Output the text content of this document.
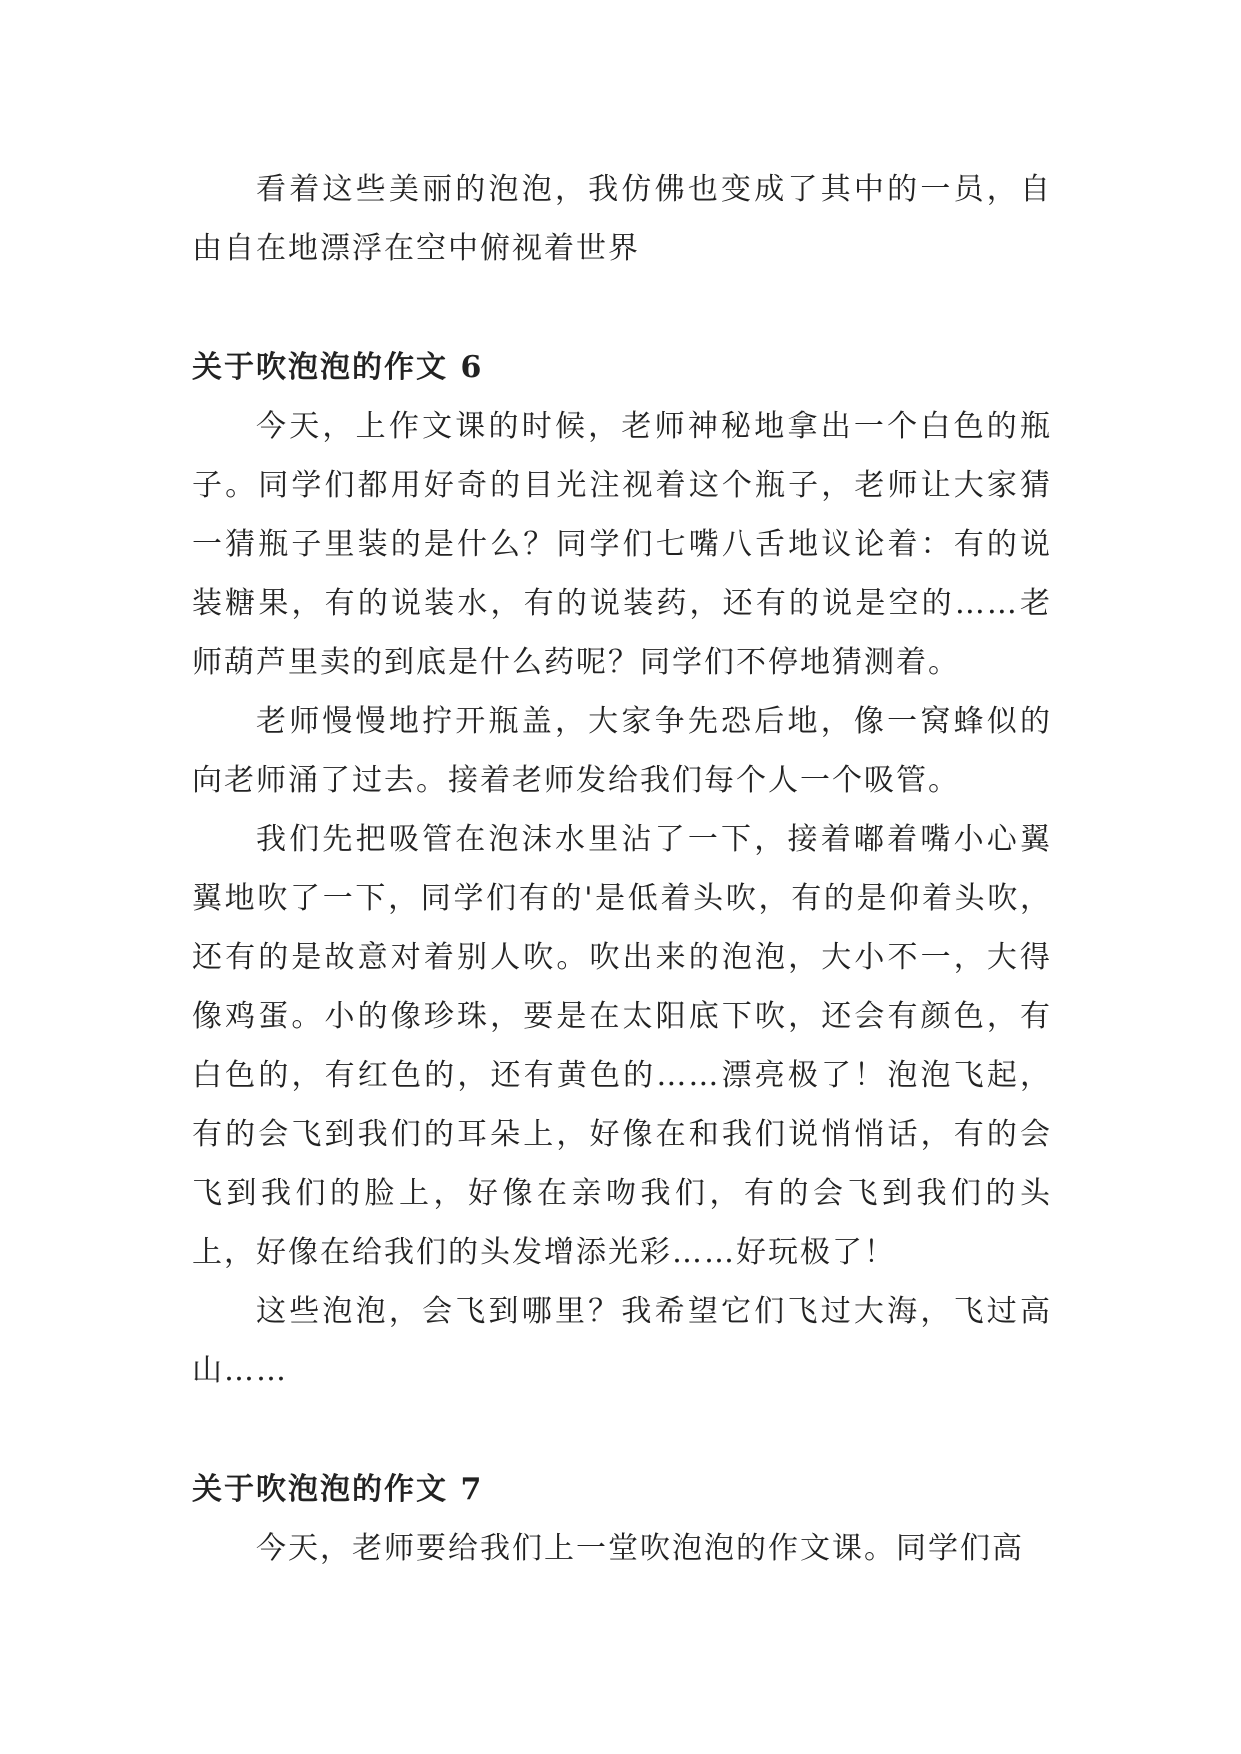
看着这些美丽的泡泡，我仿佛也变成了其中的一员，自由自在地漂浮在空中俯视着世界

关于吹泡泡的作文 6

今天，上作文课的时候，老师神秘地拿出一个白色的瓶子。同学们都用好奇的目光注视着这个瓶子，老师让大家猜一猜瓶子里装的是什么？同学们七嘴八舌地议论着：有的说装糖果，有的说装水，有的说装药，还有的说是空的……老师葫芦里卖的到底是什么药呢？同学们不停地猜测着。

老师慢慢地拧开瓶盖，大家争先恐后地，像一窝蜂似的向老师涌了过去。接着老师发给我们每个人一个吸管。

我们先把吸管在泡沫水里沾了一下，接着嘟着嘴小心翼翼地吹了一下，同学们有的'是低着头吹，有的是仰着头吹，还有的是故意对着别人吹。吹出来的泡泡，大小不一，大得像鸡蛋。小的像珍珠，要是在太阳底下吹，还会有颜色，有白色的，有红色的，还有黄色的……漂亮极了！泡泡飞起，有的会飞到我们的耳朵上，好像在和我们说悄悄话，有的会飞到我们的脸上，好像在亲吻我们，有的会飞到我们的头上，好像在给我们的头发增添光彩……好玩极了！

这些泡泡，会飞到哪里？我希望它们飞过大海，飞过高山……

关于吹泡泡的作文 7

今天，老师要给我们上一堂吹泡泡的作文课。同学们高
